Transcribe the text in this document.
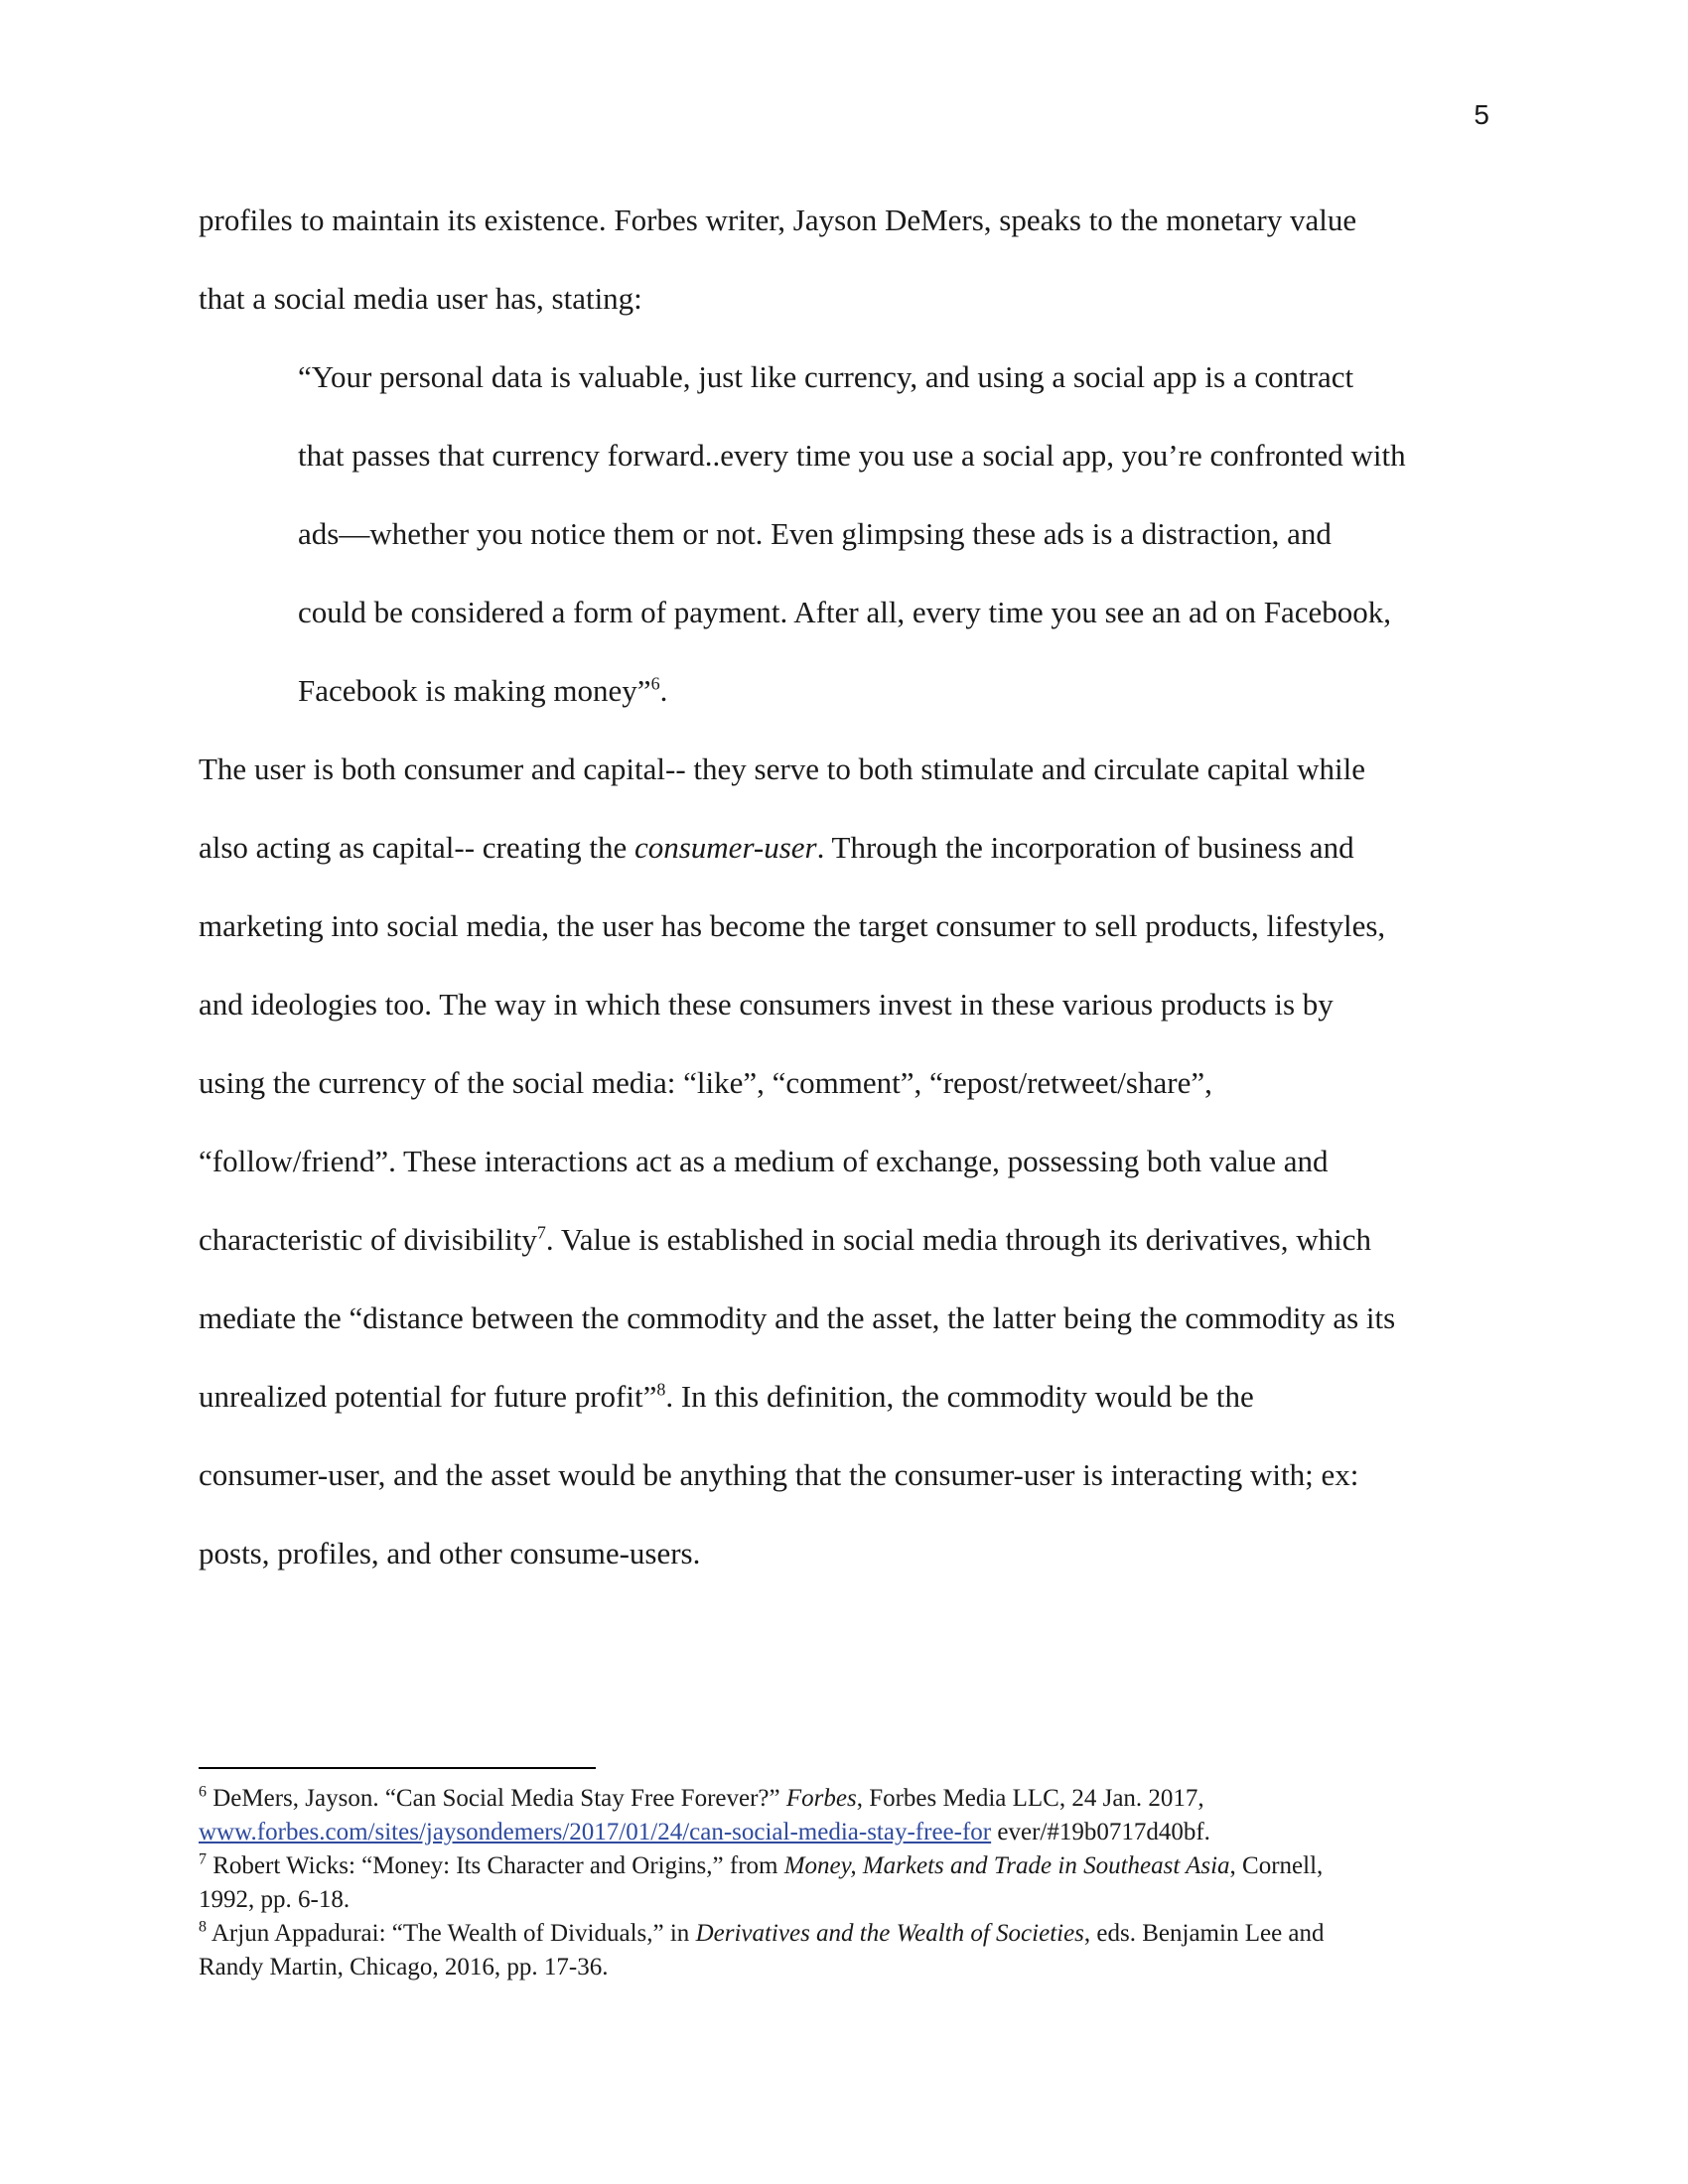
5
profiles to maintain its existence. Forbes writer, Jayson DeMers, speaks to the monetary value
that a social media user has, stating:
“Your personal data is valuable, just like currency, and using a social app is a contract
that passes that currency forward..every time you use a social app, you’re confronted with
ads—whether you notice them or not. Even glimpsing these ads is a distraction, and
could be considered a form of payment. After all, every time you see an ad on Facebook,
Facebook is making money”$^6$.
The user is both consumer and capital-- they serve to both stimulate and circulate capital while
also acting as capital-- creating the consumer-user. Through the incorporation of business and
marketing into social media, the user has become the target consumer to sell products, lifestyles,
and ideologies too. The way in which these consumers invest in these various products is by
using the currency of the social media: “like”, “comment”, “repost/retweet/share”,
“follow/friend”. These interactions act as a medium of exchange, possessing both value and
characteristic of divisibility$^7$. Value is established in social media through its derivatives, which
mediate the “distance between the commodity and the asset, the latter being the commodity as its
unrealized potential for future profit”$^8$. In this definition, the commodity would be the
consumer-user, and the asset would be anything that the consumer-user is interacting with; ex:
posts, profiles, and other consume-users.
$^6$ DeMers, Jayson. “Can Social Media Stay Free Forever?” Forbes, Forbes Media LLC, 24 Jan. 2017,
www.forbes.com/sites/jaysondemers/2017/01/24/can-social-media-stay-free-for ever/#19b0717d40bf.
$^7$ Robert Wicks: “Money: Its Character and Origins,” from Money, Markets and Trade in Southeast Asia, Cornell,
1992, pp. 6-18.
$^8$ Arjun Appadurai: “The Wealth of Dividuals,” in Derivatives and the Wealth of Societies, eds. Benjamin Lee and
Randy Martin, Chicago, 2016, pp. 17-36.
